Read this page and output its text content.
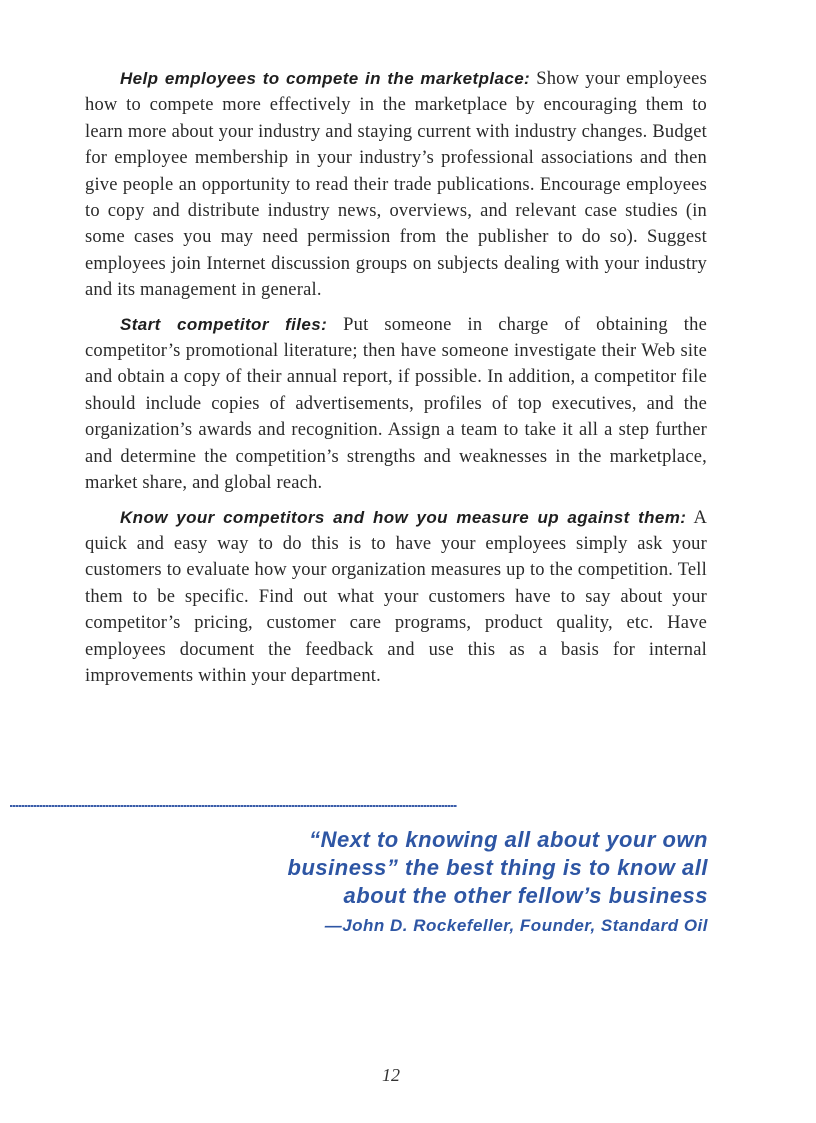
Help employees to compete in the marketplace: Show your employees how to compete more effectively in the marketplace by encouraging them to learn more about your industry and staying current with industry changes. Budget for employee membership in your industry’s professional associations and then give people an opportunity to read their trade publications. Encourage employees to copy and distribute industry news, overviews, and relevant case studies (in some cases you may need permission from the publisher to do so). Suggest employees join Internet discussion groups on subjects dealing with your industry and its management in general.

Start competitor files: Put someone in charge of obtaining the competitor’s promotional literature; then have someone investigate their Web site and obtain a copy of their annual report, if possible. In addition, a competitor file should include copies of advertisements, profiles of top executives, and the organization’s awards and recognition. Assign a team to take it all a step further and determine the competition’s strengths and weaknesses in the marketplace, market share, and global reach.

Know your competitors and how you measure up against them: A quick and easy way to do this is to have your employees simply ask your customers to evaluate how your organization measures up to the competition. Tell them to be specific. Find out what your customers have to say about your competitor’s pricing, customer care programs, product quality, etc. Have employees document the feedback and use this as a basis for internal improvements within your department.

“Next to knowing all about your own business” the best thing is to know all about the other fellow’s business
—John D. Rockefeller, Founder, Standard Oil
12
